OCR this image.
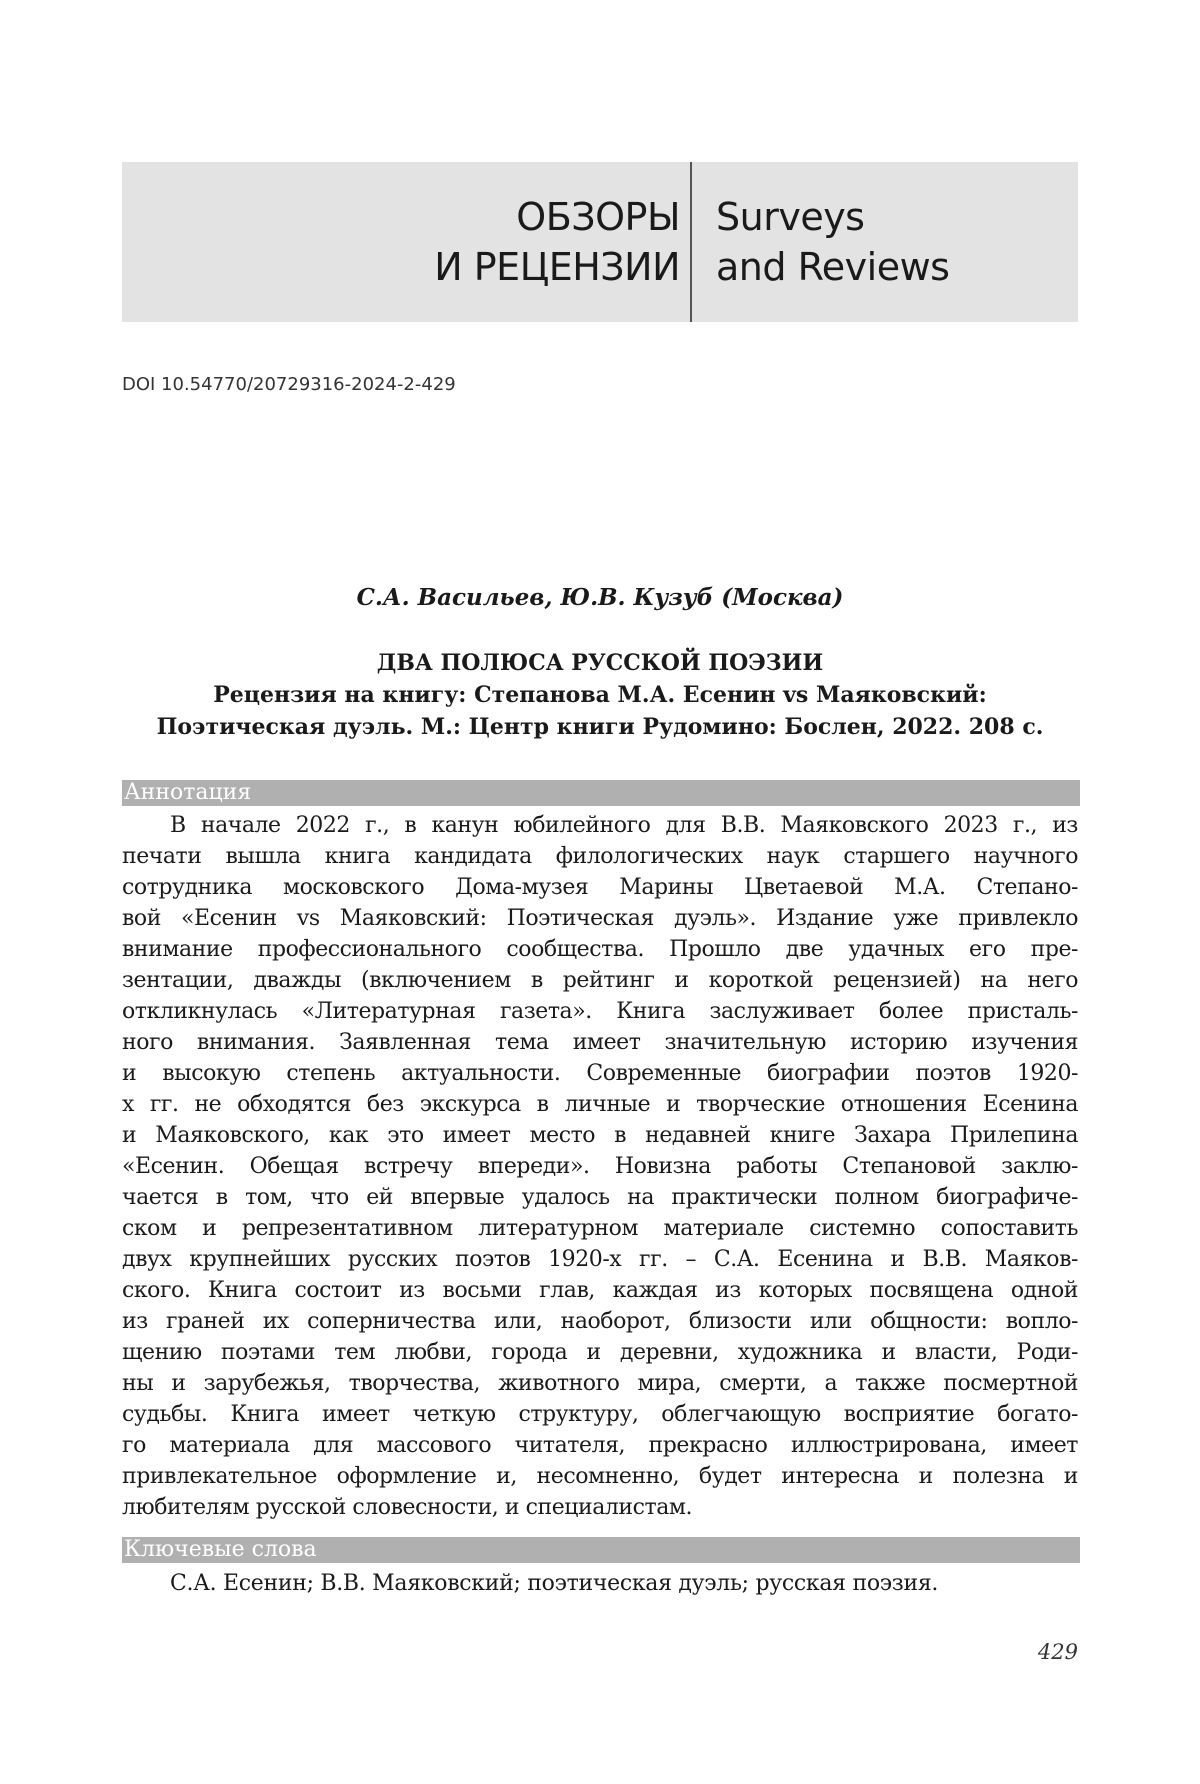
ОБЗОРЫ
И РЕЦЕНЗИИ
Surveys
and Reviews
DOI 10.54770/20729316-2024-2-429
С.А. Васильев, Ю.В. Кузуб (Москва)
ДВА ПОЛЮСА РУССКОЙ ПОЭЗИИ
Рецензия на книгу: Степанова М.А. Есенин vs Маяковский:
Поэтическая дуэль. М.: Центр книги Рудомино: Бослен, 2022. 208 с.
Аннотация
В начале 2022 г., в канун юбилейного для В.В. Маяковского 2023 г., из
печати вышла книга кандидата филологических наук старшего научного
сотрудника московского Дома-музея Марины Цветаевой М.А. Степано-
вой «Есенин vs Маяковский: Поэтическая дуэль». Издание уже привлекло
внимание профессионального сообщества. Прошло две удачных его пре-
зентации, дважды (включением в рейтинг и короткой рецензией) на него
откликнулась «Литературная газета». Книга заслуживает более присталь-
ного внимания. Заявленная тема имеет значительную историю изучения
и высокую степень актуальности. Современные биографии поэтов 1920-
х гг. не обходятся без экскурса в личные и творческие отношения Есенина
и Маяковского, как это имеет место в недавней книге Захара Прилепина
«Есенин. Обещая встречу впереди». Новизна работы Степановой заклю-
чается в том, что ей впервые удалось на практически полном биографиче-
ском и репрезентативном литературном материале системно сопоставить
двух крупнейших русских поэтов 1920-х гг. – С.А. Есенина и В.В. Маяков-
ского. Книга состоит из восьми глав, каждая из которых посвящена одной
из граней их соперничества или, наоборот, близости или общности: вопло-
щению поэтами тем любви, города и деревни, художника и власти, Роди-
ны и зарубежья, творчества, животного мира, смерти, а также посмертной
судьбы. Книга имеет четкую структуру, облегчающую восприятие богато-
го материала для массового читателя, прекрасно иллюстрирована, имеет
привлекательное оформление и, несомненно, будет интересна и полезна и
любителям русской словесности, и специалистам.
Ключевые слова
С.А. Есенин; В.В. Маяковский; поэтическая дуэль; русская поэзия.
429
